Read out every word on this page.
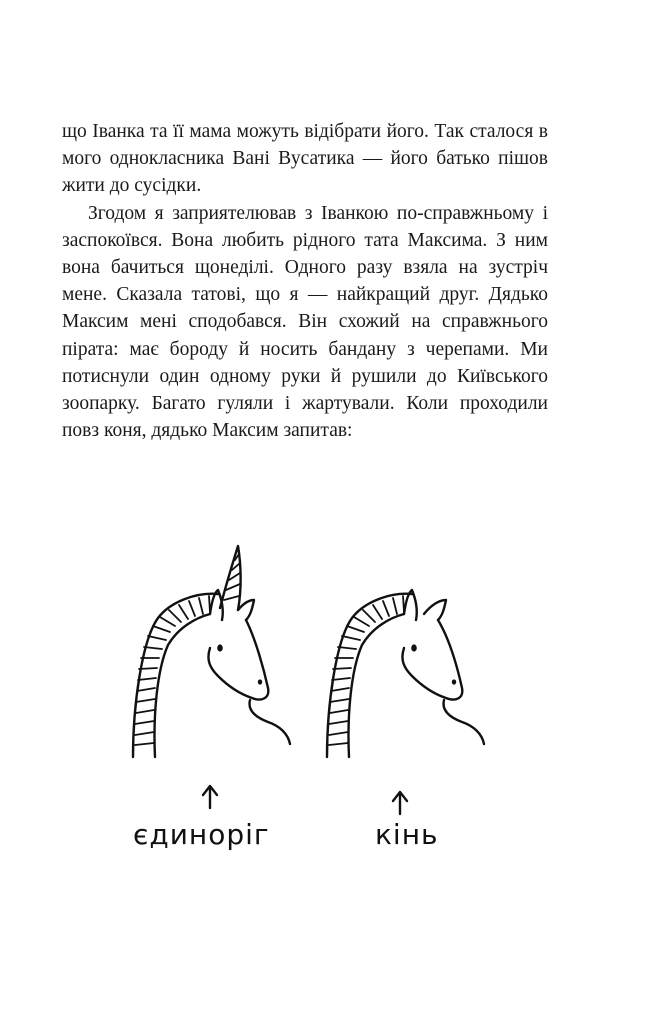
що Іванка та її мама можуть відібрати його. Так сталося в мого однокласника Вані Вусатика — його батько пішов жити до сусідки.

Згодом я заприятелював з Іванкою по-справжньому і заспокоївся. Вона любить рідного тата Максима. З ним вона бачиться щонеділі. Одного разу взяла на зустріч мене. Сказала татові, що я — найкращий друг. Дядько Максим мені сподобався. Він схожий на справжнього пірата: має бороду й носить бандану з черепами. Ми потиснули один одному руки й рушили до Київського зоопарку. Багато гуляли і жартували. Коли проходили повз коня, дядько Максим запитав:

єдиноріг	кінь
